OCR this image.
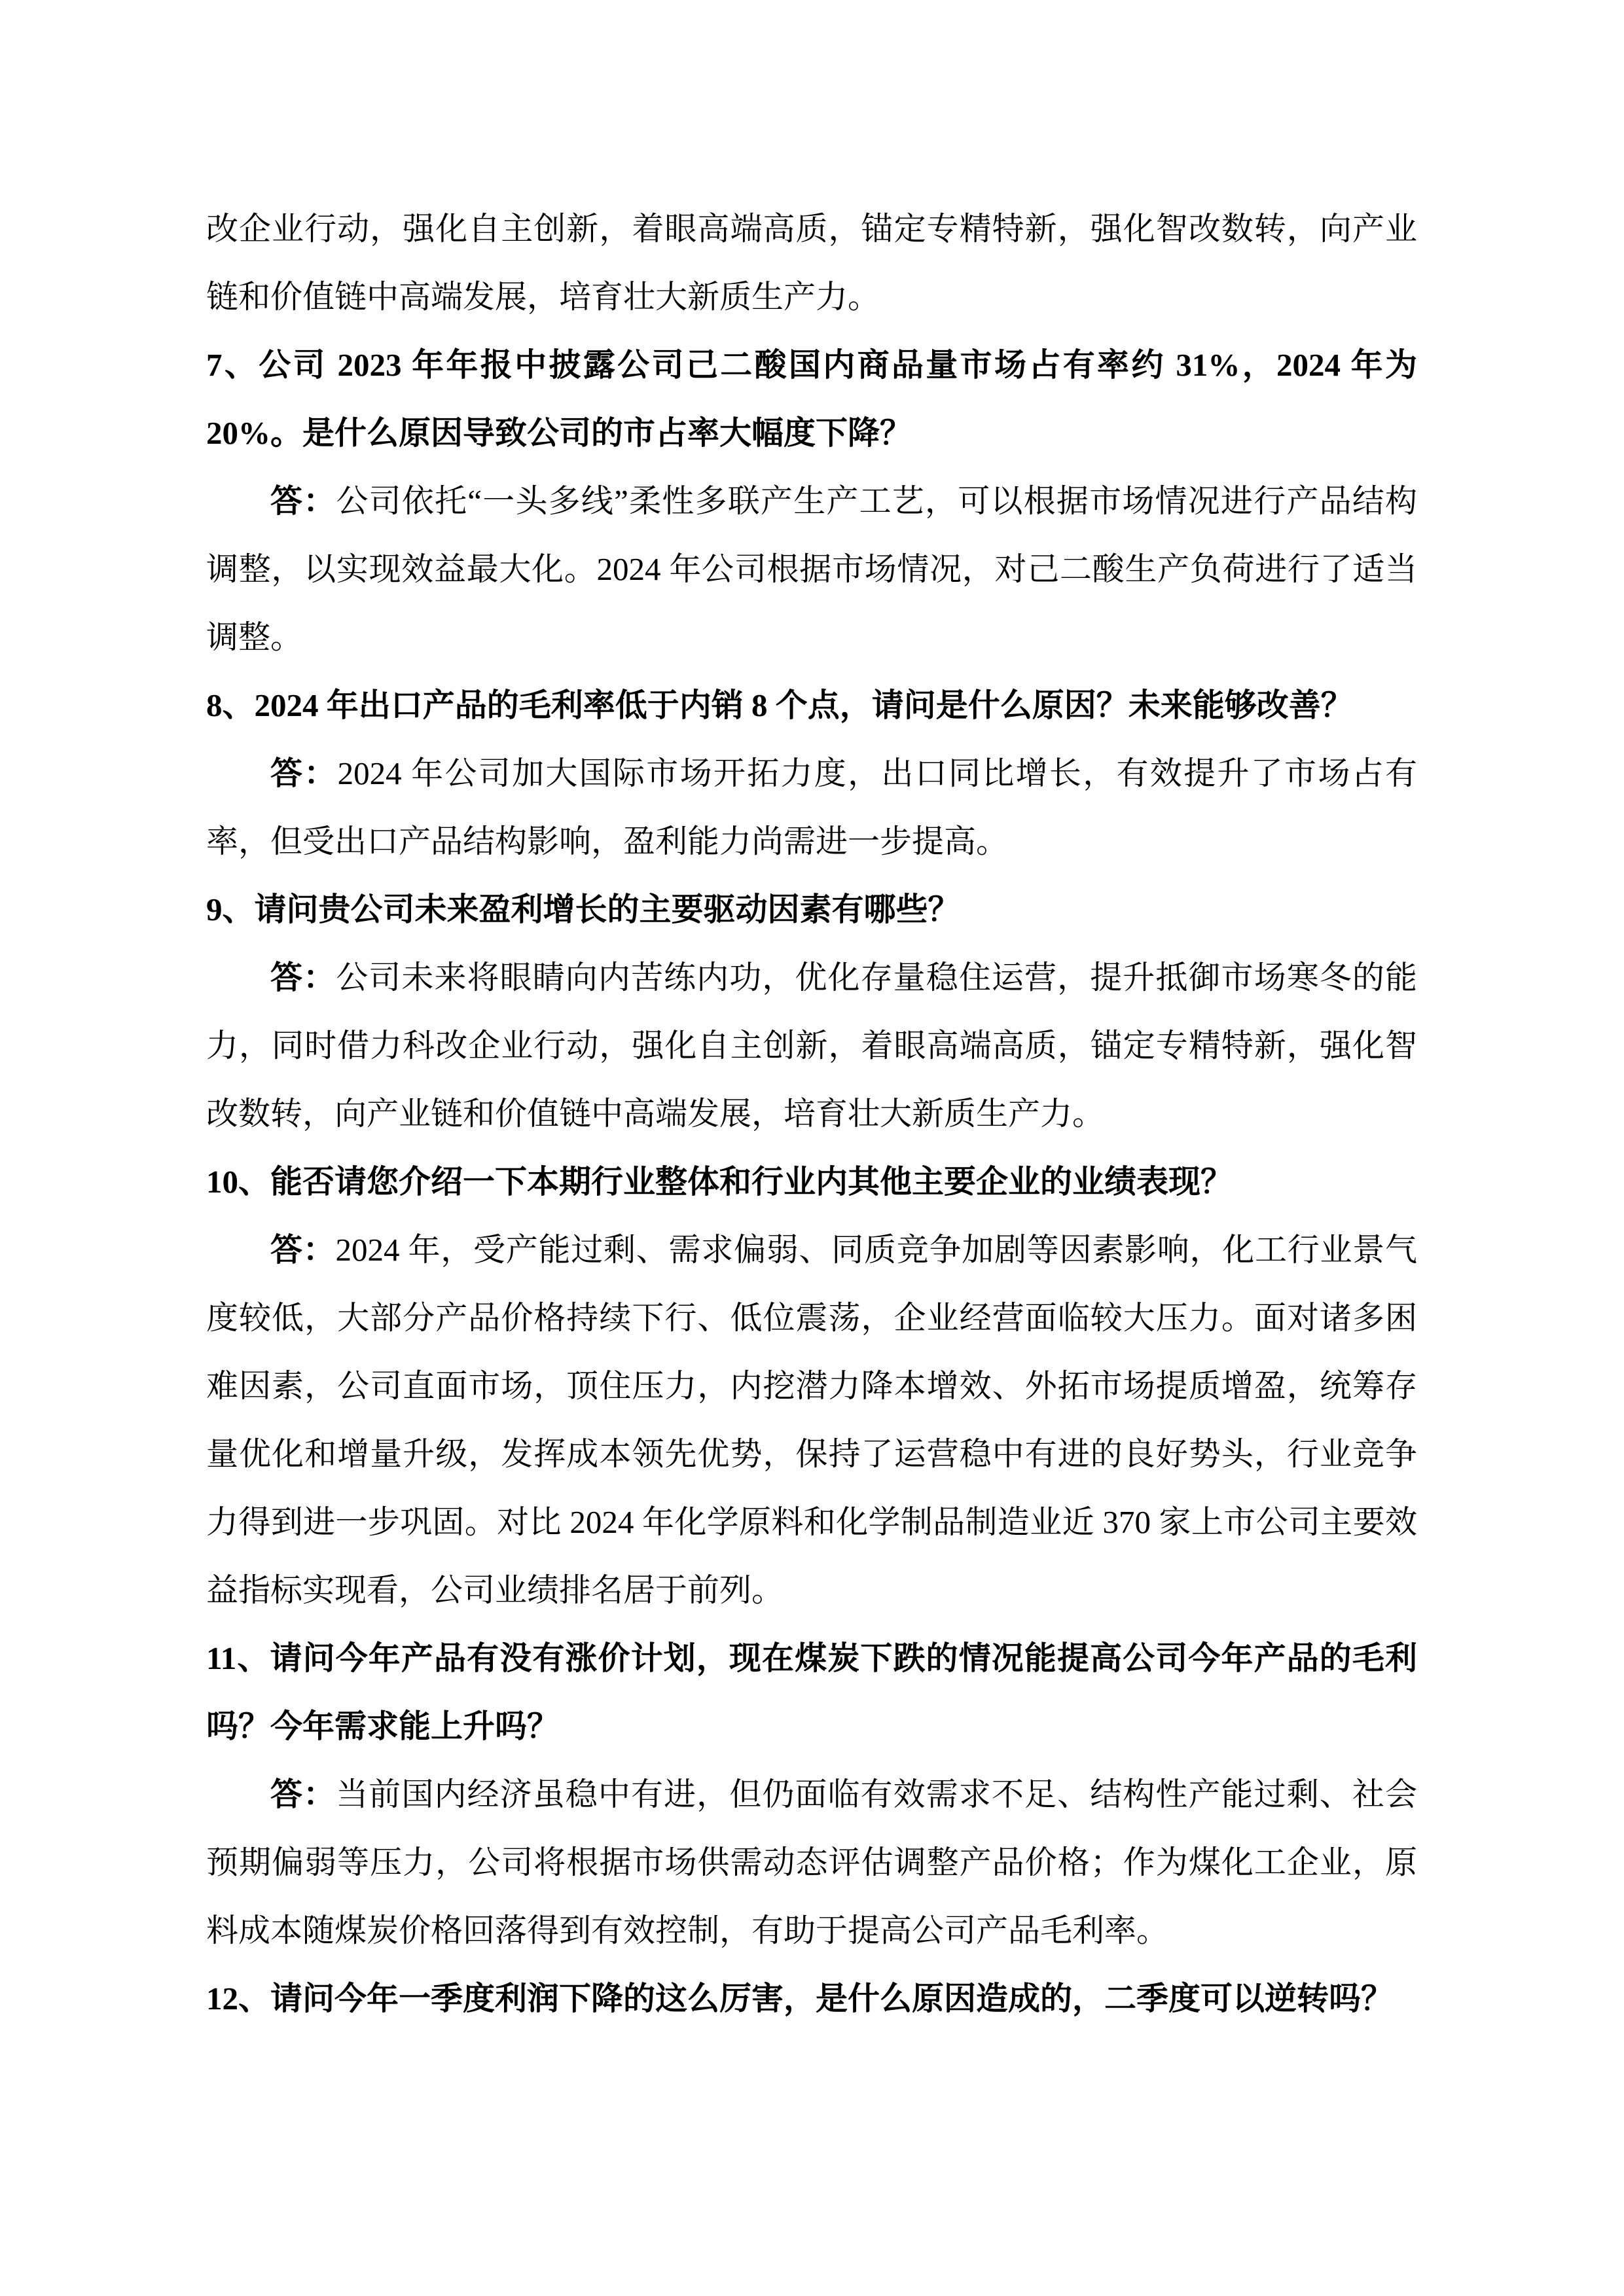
改企业行动，强化自主创新，着眼高端高质，锚定专精特新，强化智改数转，向产业链和价值链中高端发展，培育壮大新质生产力。

7、公司 2023 年年报中披露公司己二酸国内商品量市场占有率约 31%，2024 年为 20%。是什么原因导致公司的市占率大幅度下降？

答：公司依托“一头多线”柔性多联产生产工艺，可以根据市场情况进行产品结构调整，以实现效益最大化。2024 年公司根据市场情况，对己二酸生产负荷进行了适当调整。

8、2024 年出口产品的毛利率低于内销 8 个点，请问是什么原因？未来能够改善？

答：2024 年公司加大国际市场开拓力度，出口同比增长，有效提升了市场占有率，但受出口产品结构影响，盈利能力尚需进一步提高。

9、请问贵公司未来盈利增长的主要驱动因素有哪些？

答：公司未来将眼睛向内苦练内功，优化存量稳住运营，提升抵御市场寒冬的能力，同时借力科改企业行动，强化自主创新，着眼高端高质，锚定专精特新，强化智改数转，向产业链和价值链中高端发展，培育壮大新质生产力。

10、能否请您介绍一下本期行业整体和行业内其他主要企业的业绩表现？

答：2024 年，受产能过剩、需求偏弱、同质竞争加剧等因素影响，化工行业景气度较低，大部分产品价格持续下行、低位震荡，企业经营面临较大压力。面对诸多困难因素，公司直面市场，顶住压力，内挖潜力降本增效、外拓市场提质增盈，统筹存量优化和增量升级，发挥成本领先优势，保持了运营稳中有进的良好势头，行业竞争力得到进一步巩固。对比 2024 年化学原料和化学制品制造业近 370 家上市公司主要效益指标实现看，公司业绩排名居于前列。

11、请问今年产品有没有涨价计划，现在煤炭下跌的情况能提高公司今年产品的毛利吗？今年需求能上升吗？

答：当前国内经济虽稳中有进，但仍面临有效需求不足、结构性产能过剩、社会预期偏弱等压力，公司将根据市场供需动态评估调整产品价格；作为煤化工企业，原料成本随煤炭价格回落得到有效控制，有助于提高公司产品毛利率。

12、请问今年一季度利润下降的这么厉害，是什么原因造成的，二季度可以逆转吗？
